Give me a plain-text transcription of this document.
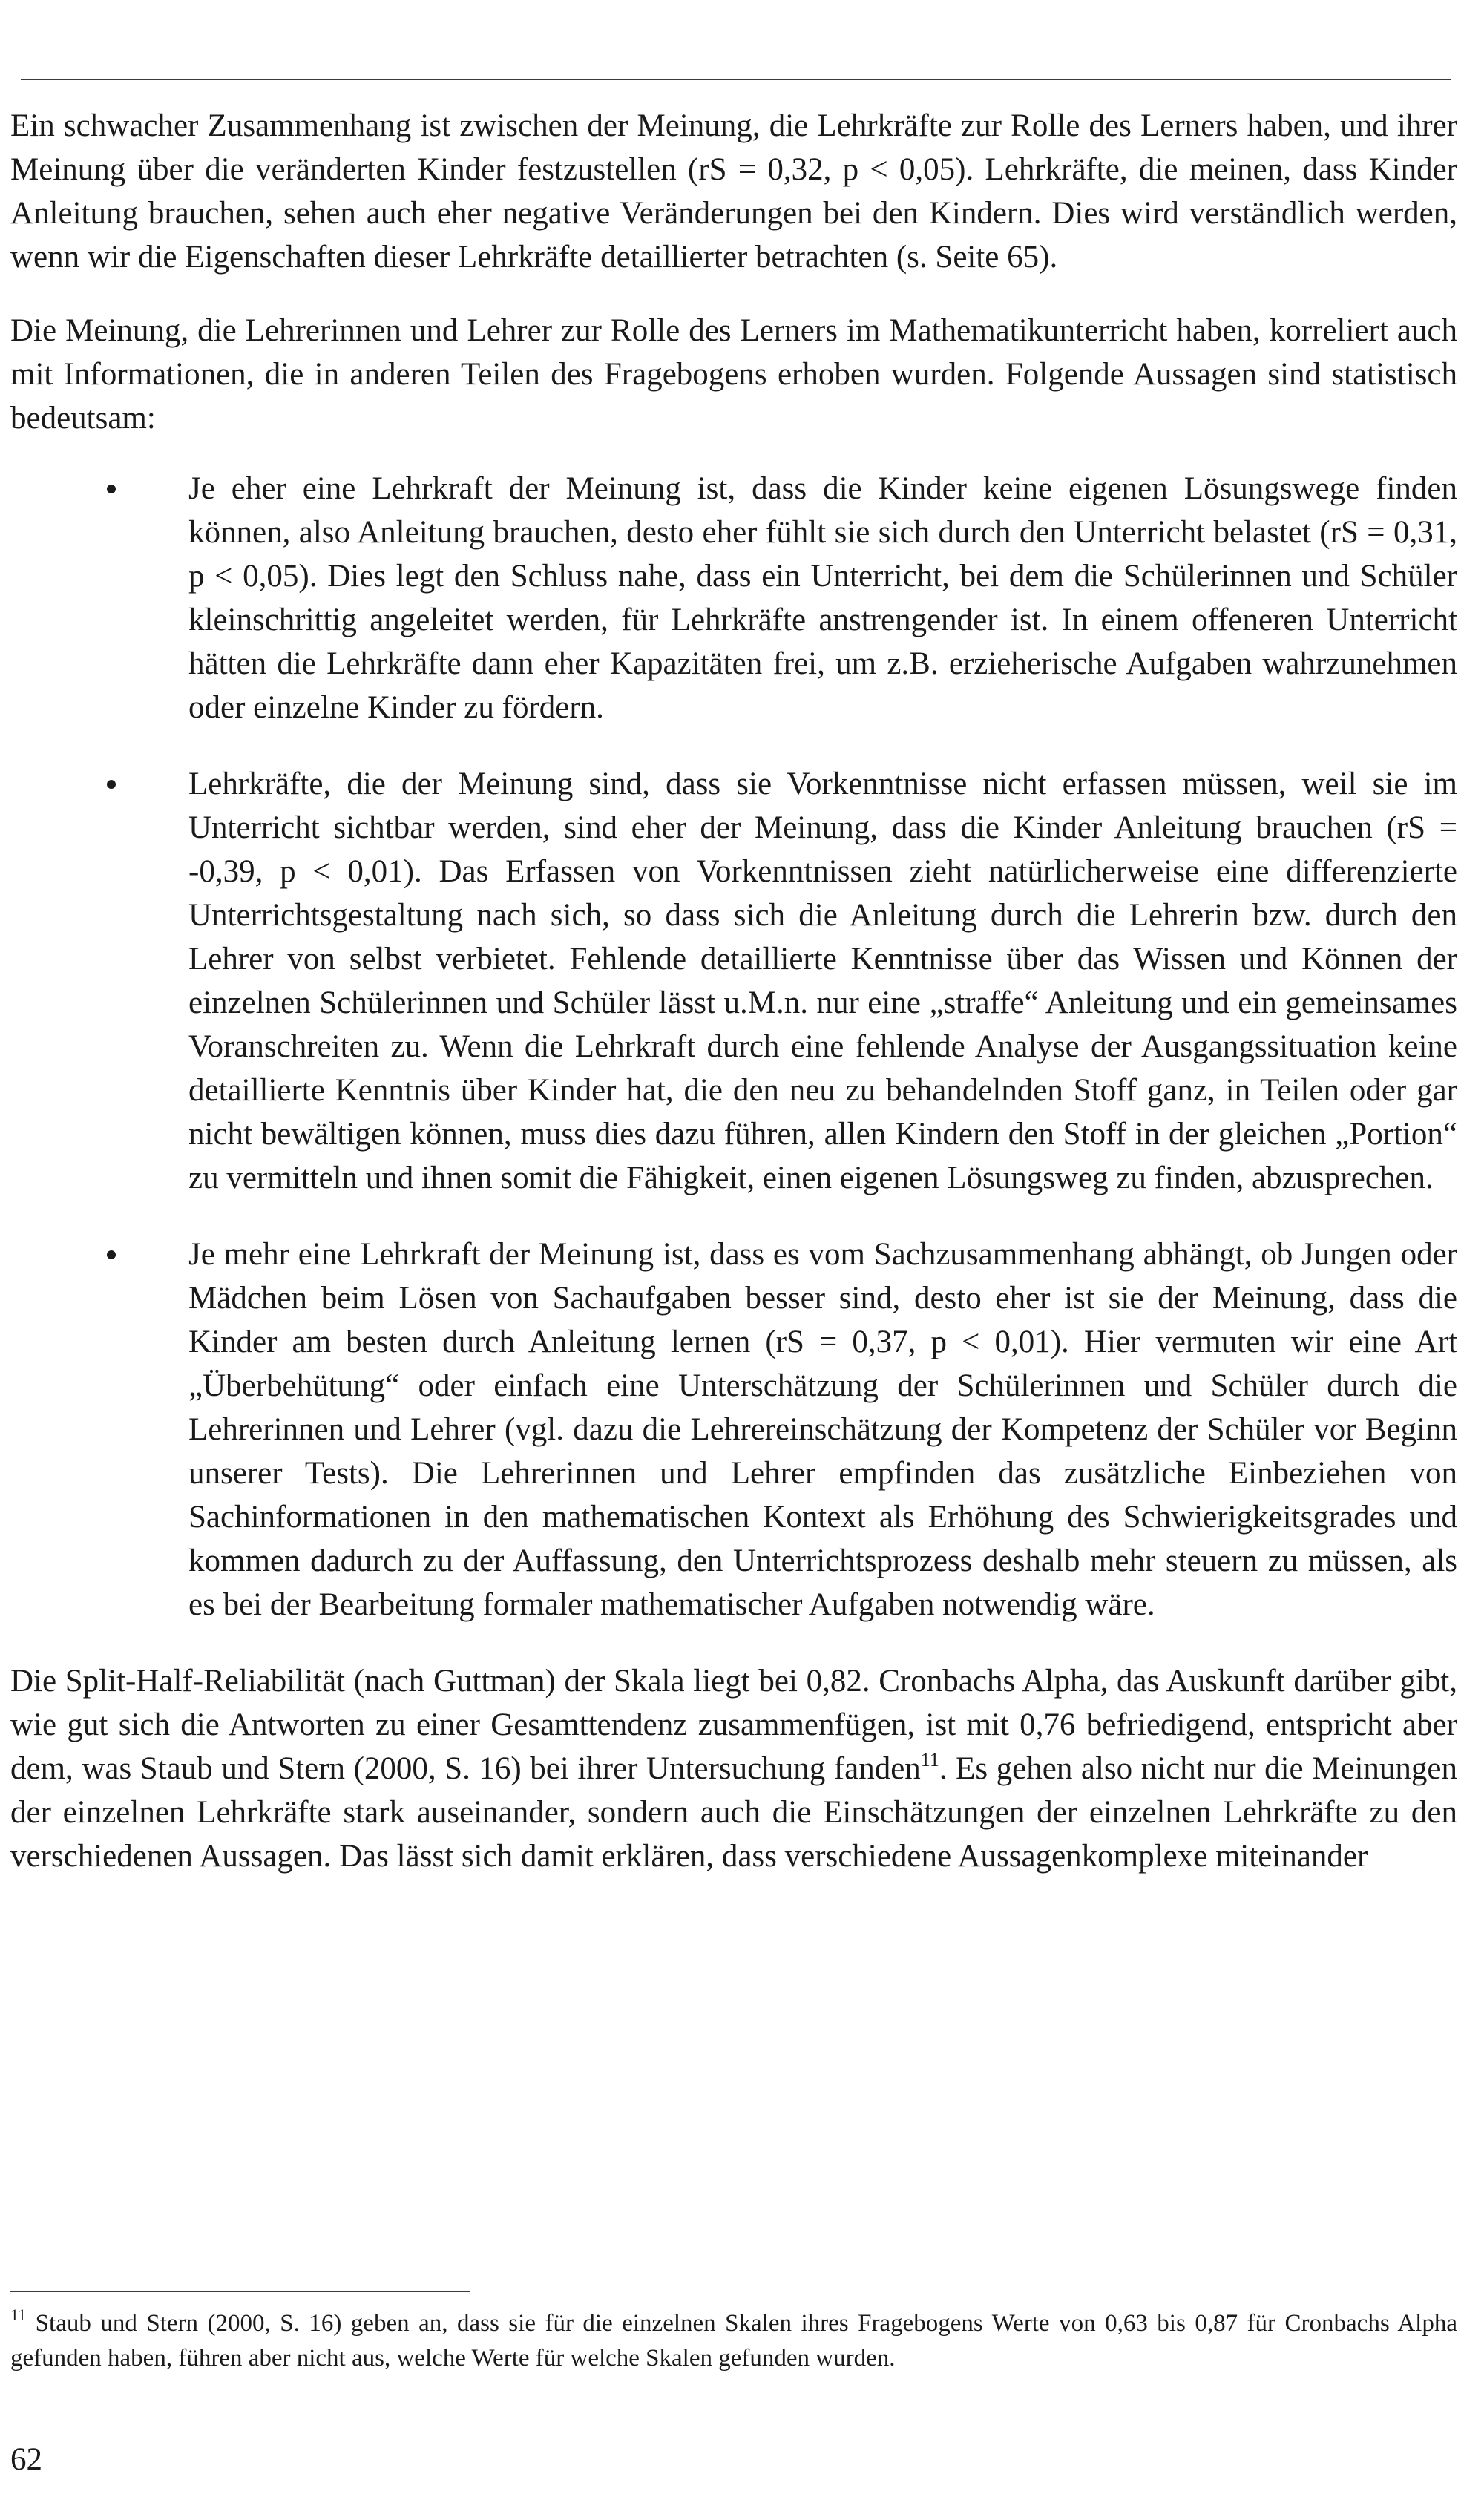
Ein schwacher Zusammenhang ist zwischen der Meinung, die Lehrkräfte zur Rolle des Lerners haben, und ihrer Meinung über die veränderten Kinder festzustellen (rS = 0,32, p < 0,05). Lehrkräfte, die meinen, dass Kinder Anleitung brauchen, sehen auch eher negative Veränderungen bei den Kindern. Dies wird verständlich werden, wenn wir die Eigenschaften dieser Lehrkräfte detaillierter betrachten (s. Seite 65).

Die Meinung, die Lehrerinnen und Lehrer zur Rolle des Lerners im Mathematikunterricht haben, korreliert auch mit Informationen, die in anderen Teilen des Fragebogens erhoben wurden. Folgende Aussagen sind statistisch bedeutsam:

Je eher eine Lehrkraft der Meinung ist, dass die Kinder keine eigenen Lösungswege finden können, also Anleitung brauchen, desto eher fühlt sie sich durch den Unterricht belastet (rS = 0,31, p < 0,05). Dies legt den Schluss nahe, dass ein Unterricht, bei dem die Schülerinnen und Schüler kleinschrittig angeleitet werden, für Lehrkräfte anstrengender ist. In einem offeneren Unterricht hätten die Lehrkräfte dann eher Kapazitäten frei, um z.B. erzieherische Aufgaben wahrzunehmen oder einzelne Kinder zu fördern.
Lehrkräfte, die der Meinung sind, dass sie Vorkenntnisse nicht erfassen müssen, weil sie im Unterricht sichtbar werden, sind eher der Meinung, dass die Kinder Anleitung brauchen (rS = -0,39, p < 0,01). Das Erfassen von Vorkenntnissen zieht natürlicherweise eine differenzierte Unterrichtsgestaltung nach sich, so dass sich die Anleitung durch die Lehrerin bzw. durch den Lehrer von selbst verbietet. Fehlende detaillierte Kenntnisse über das Wissen und Können der einzelnen Schülerinnen und Schüler lässt u.M.n. nur eine „straffe“ Anleitung und ein gemeinsames Voranschreiten zu. Wenn die Lehrkraft durch eine fehlende Analyse der Ausgangssituation keine detaillierte Kenntnis über Kinder hat, die den neu zu behandelnden Stoff ganz, in Teilen oder gar nicht bewältigen können, muss dies dazu führen, allen Kindern den Stoff in der gleichen „Portion“ zu vermitteln und ihnen somit die Fähigkeit, einen eigenen Lösungsweg zu finden, abzusprechen.
Je mehr eine Lehrkraft der Meinung ist, dass es vom Sachzusammenhang abhängt, ob Jungen oder Mädchen beim Lösen von Sachaufgaben besser sind, desto eher ist sie der Meinung, dass die Kinder am besten durch Anleitung lernen (rS = 0,37, p < 0,01). Hier vermuten wir eine Art „Überbehütung“ oder einfach eine Unterschätzung der Schülerinnen und Schüler durch die Lehrerinnen und Lehrer (vgl. dazu die Lehrereinschätzung der Kompetenz der Schüler vor Beginn unserer Tests). Die Lehrerinnen und Lehrer empfinden das zusätzliche Einbeziehen von Sachinformationen in den mathematischen Kontext als Erhöhung des Schwierigkeitsgrades und kommen dadurch zu der Auffassung, den Unterrichtsprozess deshalb mehr steuern zu müssen, als es bei der Bearbeitung formaler mathematischer Aufgaben notwendig wäre.

Die Split-Half-Reliabilität (nach Guttman) der Skala liegt bei 0,82. Cronbachs Alpha, das Auskunft darüber gibt, wie gut sich die Antworten zu einer Gesamttendenz zusammenfügen, ist mit 0,76 befriedigend, entspricht aber dem, was Staub und Stern (2000, S. 16) bei ihrer Untersuchung fanden$^{11}$. Es gehen also nicht nur die Meinungen der einzelnen Lehrkräfte stark auseinander, sondern auch die Einschätzungen der einzelnen Lehrkräfte zu den verschiedenen Aussagen. Das lässt sich damit erklären, dass verschiedene Aussagenkomplexe miteinander

$^{11}$ Staub und Stern (2000, S. 16) geben an, dass sie für die einzelnen Skalen ihres Fragebogens Werte von 0,63 bis 0,87 für Cronbachs Alpha gefunden haben, führen aber nicht aus, welche Werte für welche Skalen gefunden wurden.
62
